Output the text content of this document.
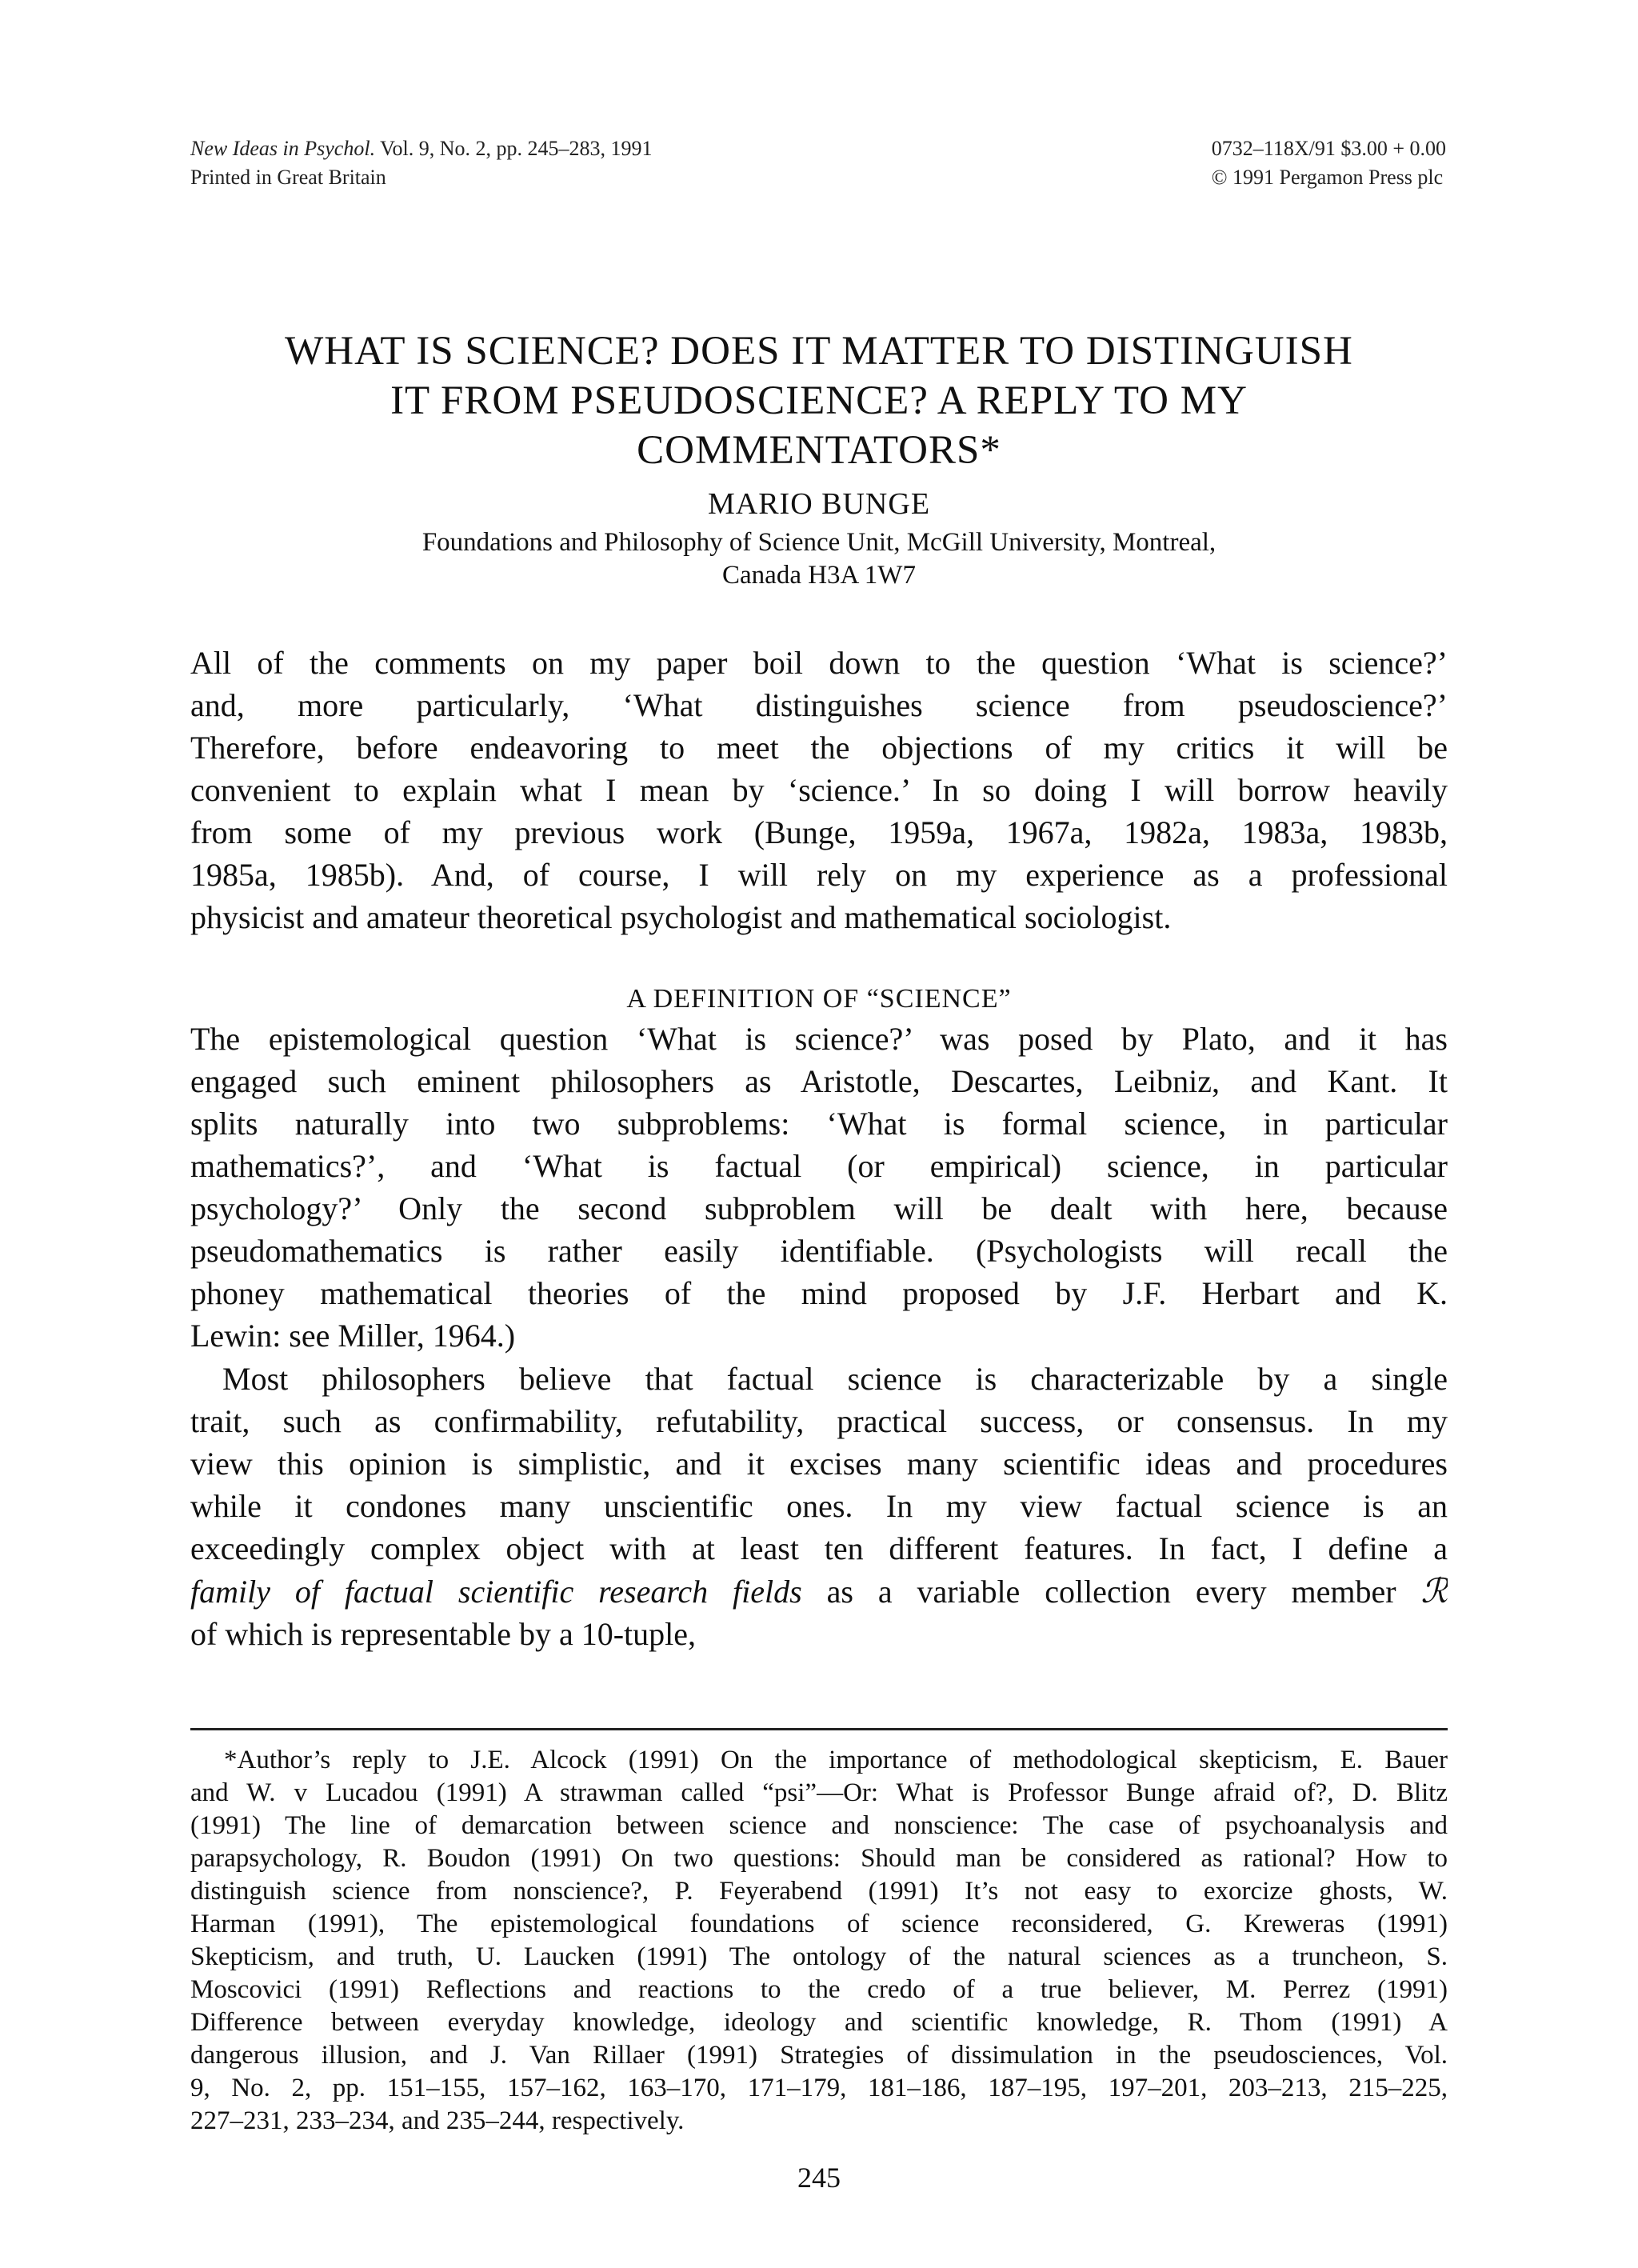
New Ideas in Psychol. Vol. 9, No. 2, pp. 245–283, 1991
Printed in Great Britain
0732–118X/91 $3.00 + 0.00
© 1991 Pergamon Press plc
WHAT IS SCIENCE? DOES IT MATTER TO DISTINGUISH
IT FROM PSEUDOSCIENCE? A REPLY TO MY
COMMENTATORS*
MARIO BUNGE
Foundations and Philosophy of Science Unit, McGill University, Montreal,
Canada H3A 1W7
All of the comments on my paper boil down to the question ‘What is science?’
and, more particularly, ‘What distinguishes science from pseudoscience?’
Therefore, before endeavoring to meet the objections of my critics it will be
convenient to explain what I mean by ‘science.’ In so doing I will borrow heavily
from some of my previous work (Bunge, 1959a, 1967a, 1982a, 1983a, 1983b,
1985a, 1985b). And, of course, I will rely on my experience as a professional
physicist and amateur theoretical psychologist and mathematical sociologist.
A DEFINITION OF “SCIENCE”
The epistemological question ‘What is science?’ was posed by Plato, and it has
engaged such eminent philosophers as Aristotle, Descartes, Leibniz, and Kant. It
splits naturally into two subproblems: ‘What is formal science, in particular
mathematics?’, and ‘What is factual (or empirical) science, in particular
psychology?’ Only the second subproblem will be dealt with here, because
pseudomathematics is rather easily identifiable. (Psychologists will recall the
phoney mathematical theories of the mind proposed by J.F. Herbart and K.
Lewin: see Miller, 1964.)
Most philosophers believe that factual science is characterizable by a single
trait, such as confirmability, refutability, practical success, or consensus. In my
view this opinion is simplistic, and it excises many scientific ideas and procedures
while it condones many unscientific ones. In my view factual science is an
exceedingly complex object with at least ten different features. In fact, I define a
family of factual scientific research fields as a variable collection every member ℛ
of which is representable by a 10-tuple,
*Author’s reply to J.E. Alcock (1991) On the importance of methodological skepticism, E. Bauer
and W. v Lucadou (1991) A strawman called “psi”—Or: What is Professor Bunge afraid of?, D. Blitz
(1991) The line of demarcation between science and nonscience: The case of psychoanalysis and
parapsychology, R. Boudon (1991) On two questions: Should man be considered as rational? How to
distinguish science from nonscience?, P. Feyerabend (1991) It’s not easy to exorcize ghosts, W.
Harman (1991), The epistemological foundations of science reconsidered, G. Kreweras (1991)
Skepticism, and truth, U. Laucken (1991) The ontology of the natural sciences as a truncheon, S.
Moscovici (1991) Reflections and reactions to the credo of a true believer, M. Perrez (1991)
Difference between everyday knowledge, ideology and scientific knowledge, R. Thom (1991) A
dangerous illusion, and J. Van Rillaer (1991) Strategies of dissimulation in the pseudosciences, Vol.
9, No. 2, pp. 151–155, 157–162, 163–170, 171–179, 181–186, 187–195, 197–201, 203–213, 215–225,
227–231, 233–234, and 235–244, respectively.
245
